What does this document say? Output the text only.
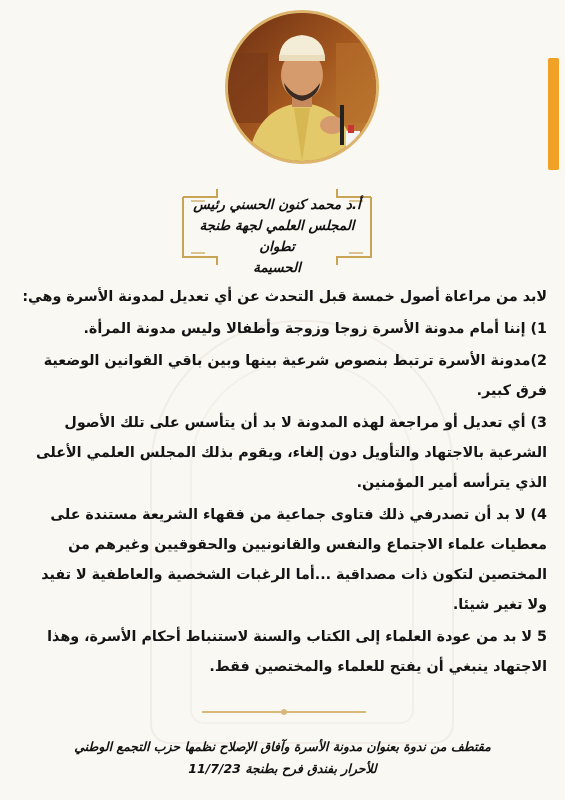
أ.د محمد كنون الحسني رئيس
المجلس العلمي لجهة طنجة تطوان
الحسيمة

لابد من مراعاة أصول خمسة قبل التحدث عن أي تعديل لمدونة الأسرة وهي:

1) إننا أمام مدونة الأسرة زوجا وزوجة وأطفالا وليس مدونة المرأة.

2)مدونة الأسرة ترتبط بنصوص شرعية بينها وبين باقي القوانين الوضعية فرق كبير.

3) أي تعديل أو مراجعة لهذه المدونة لا بد أن يتأسس على تلك الأصول الشرعية بالاجتهاد والتأويل دون إلغاء، ويقوم بذلك المجلس العلمي الأعلى الذي يترأسه أمير المؤمنين.

4) لا بد أن تصدرفي ذلك فتاوى جماعية من فقهاء الشريعة مستندة على معطيات علماء الاجتماع والنفس والقانونيين والحقوقيين وغيرهم من المختصين لتكون ذات مصداقية ...أما الرغبات الشخصية والعاطفية لا تفيد ولا تغير شيئا.

5 لا بد من عودة العلماء إلى الكتاب والسنة لاستنباط أحكام الأسرة، وهذا الاجتهاد ينبغي أن يفتح للعلماء والمختصين فقط.

مقتطف من ندوة بعنوان مدونة الأسرة وآفاق الإصلاح نظمها حزب التجمع الوطني
للأحرار بفندق فرح بطنجة 11/7/23
